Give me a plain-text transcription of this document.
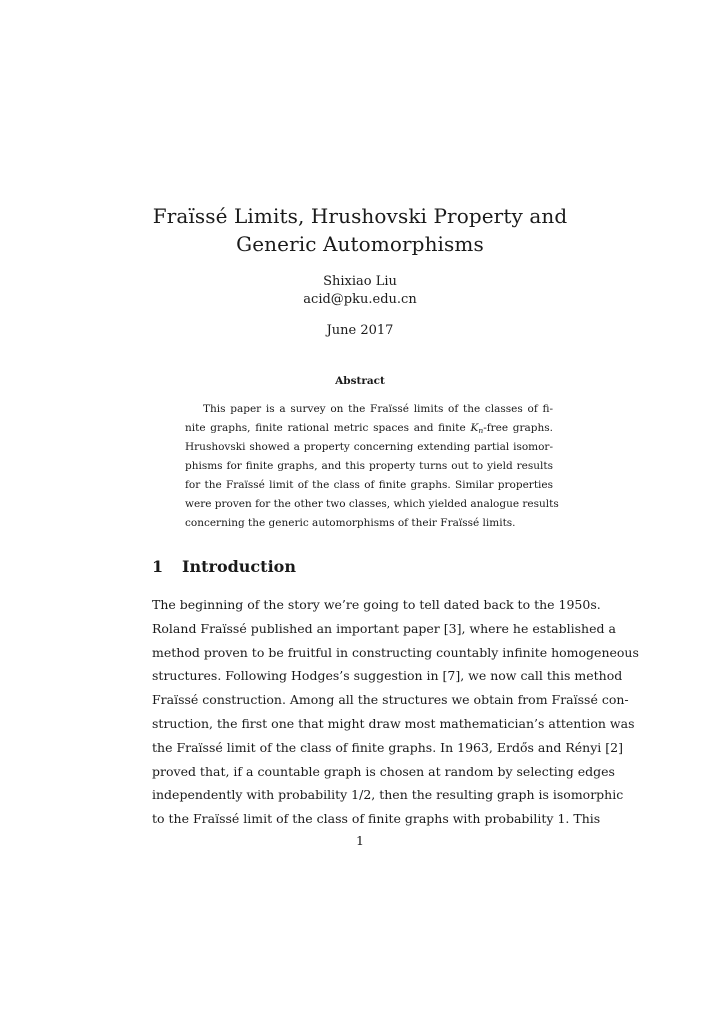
Fraïssé Limits, Hrushovski Property and
Generic Automorphisms
Shixiao Liu
acid@pku.edu.cn
June 2017
Abstract
This paper is a survey on the Fraïssé limits of the classes of fi-
nite graphs, finite rational metric spaces and finite $K_n$-free graphs.
Hrushovski showed a property concerning extending partial isomor-
phisms for finite graphs, and this property turns out to yield results
for the Fraïssé limit of the class of finite graphs. Similar properties
were proven for the other two classes, which yielded analogue results
concerning the generic automorphisms of their Fraïssé limits.
1 Introduction
The beginning of the story we’re going to tell dated back to the 1950s.
Roland Fraïssé published an important paper [3], where he established a
method proven to be fruitful in constructing countably infinite homogeneous
structures. Following Hodges’s suggestion in [7], we now call this method
Fraïssé construction. Among all the structures we obtain from Fraïssé con-
struction, the first one that might draw most mathematician’s attention was
the Fraïssé limit of the class of finite graphs. In 1963, Erdős and Rényi [2]
proved that, if a countable graph is chosen at random by selecting edges
independently with probability 1/2, then the resulting graph is isomorphic
to the Fraïssé limit of the class of finite graphs with probability 1. This
1
